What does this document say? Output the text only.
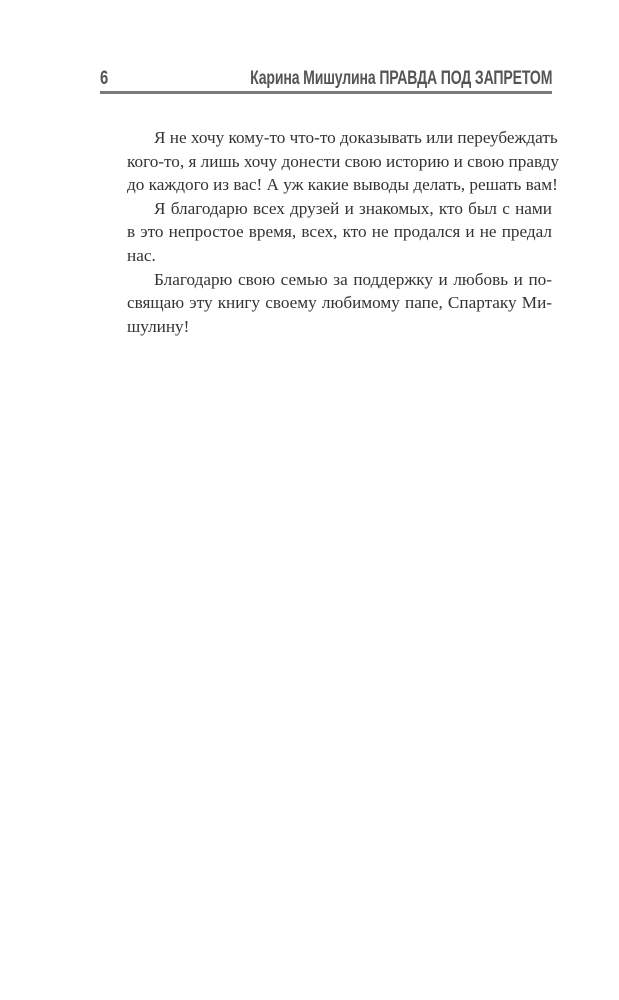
6	Карина Мишулина ПРАВДА ПОД ЗАПРЕТОМ

Я не хочу кому-то что-то доказывать или переубеждать
кого-то, я лишь хочу донести свою историю и свою правду
до каждого из вас! А уж какие выводы делать, решать вам!

Я благодарю всех друзей и знакомых, кто был с нами
в это непростое время, всех, кто не продался и не предал
нас.

Благодарю свою семью за поддержку и любовь и по-
свящаю эту книгу своему любимому папе, Спартаку Ми-
шулину!
